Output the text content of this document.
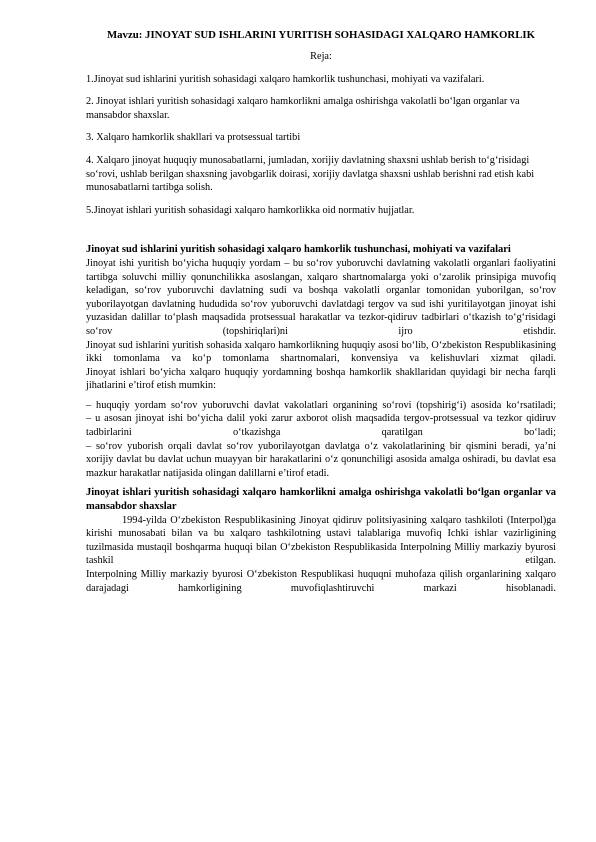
Mavzu: JINOYAT SUD ISHLARINI YURITISH SOHASIDAGI XALQARO HAMKORLIK
Reja:
1.Jinoyat sud ishlarini yuritish sohasidagi xalqaro hamkorlik tushunchasi, mohiyati va vazifalari.
2. Jinoyat ishlari yuritish sohasidagi xalqaro hamkorlikni amalga oshirishga vakolatli bo‘lgan organlar va mansabdor shaxslar.
3. Xalqaro hamkorlik shakllari va protsessual tartibi
4. Xalqaro jinoyat huquqiy munosabatlarni, jumladan, xorijiy davlatning shaxsni ushlab berish to‘g‘risidagi so‘rovi, ushlab berilgan shaxsning javobgarlik doirasi, xorijiy davlatga shaxsni ushlab berishni rad etish kabi munosabatlarni tartibga solish.
5.Jinoyat ishlari yuritish sohasidagi xalqaro hamkorlikka oid normativ hujjatlar.
Jinoyat sud ishlarini yuritish sohasidagi xalqaro hamkorlik tushunchasi, mohiyati va vazifalari

Jinoyat ishi yuritish bo‘yicha huquqiy yordam – bu so‘rov yuboruvchi davlatning vakolatli organlari faoliyatini tartibga soluvchi milliy qonunchilikka asoslangan, xalqaro shartnomalarga yoki o‘zarolik prinsipiga muvofiq keladigan, so‘rov yuboruvchi davlatning sudi va boshqa vakolatli organlar tomonidan yuborilgan, so‘rov yuborilayotgan davlatning hududida so‘rov yuboruvchi davlatdagi tergov va sud ishi yuritilayotgan jinoyat ishi yuzasidan dalillar to‘plash maqsadida protsessual harakatlar va tezkor-qidiruv tadbirlari o‘tkazish to‘g‘risidagi so‘rov (topshiriqlari)ni ijro etishdir.

Jinoyat sud ishlarini yuritish sohasida xalqaro hamkorlikning huquqiy asosi bo‘lib, O‘zbekiston Respublikasining ikki tomonlama va ko‘p tomonlama shartnomalari, konvensiya va kelishuvlari xizmat qiladi.

Jinoyat ishlari bo‘yicha xalqaro huquqiy yordamning boshqa hamkorlik shakllaridan quyidagi bir necha farqli jihatlarini e’tirof etish mumkin:

– huquqiy yordam so‘rov yuboruvchi davlat vakolatlari organining so‘rovi (topshirig‘i) asosida ko‘rsatiladi;

– u asosan jinoyat ishi bo‘yicha dalil yoki zarur axborot olish maqsadida tergov-protsessual va tezkor qidiruv tadbirlarini o‘tkazishga qaratilgan bo‘ladi;

– so‘rov yuborish orqali davlat so‘rov yuborilayotgan davlatga o‘z vakolatlarining bir qismini beradi, ya’ni xorijiy davlat bu davlat uchun muayyan bir harakatlarini o‘z qonunchiligi asosida amalga oshiradi, bu davlat esa mazkur harakatlar natijasida olingan dalillarni e’tirof etadi.

Jinoyat ishlari yuritish sohasidagi xalqaro hamkorlikni amalga oshirishga vakolatli bo‘lgan organlar va mansabdor shaxslar

1994-yilda O‘zbekiston Respublikasining Jinoyat qidiruv politsiyasining xalqaro tashkiloti (Interpol)ga kirishi munosabati bilan va bu xalqaro tashkilotning ustavi talablariga muvofiq Ichki ishlar vazirligining tuzilmasida mustaqil boshqarma huquqi bilan O‘zbekiston Respublikasida Interpolning Milliy markaziy byurosi tashkil etilgan.

Interpolning Milliy markaziy byurosi O‘zbekiston Respublikasi huquqni muhofaza qilish organlarining xalqaro darajadagi hamkorligining muvofiqlashtiruvchi markazi hisoblanadi.
